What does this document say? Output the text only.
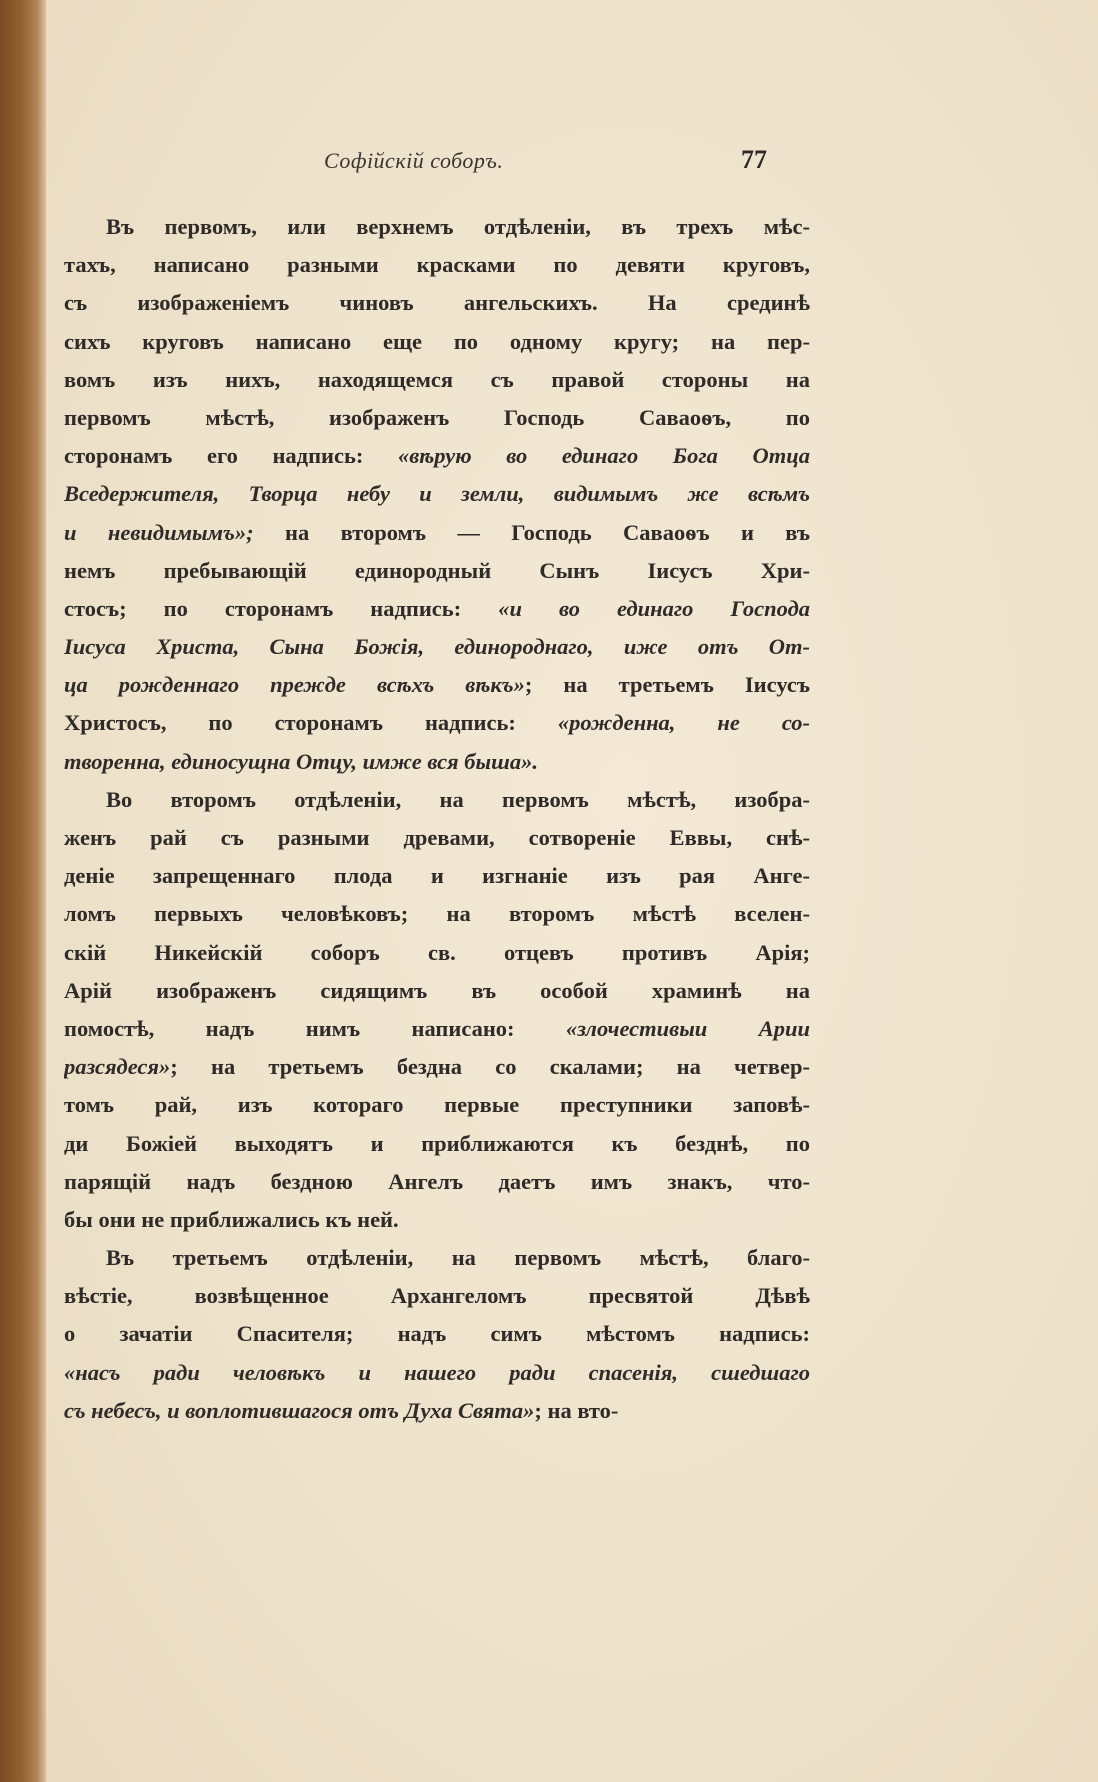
Софійскій соборъ.	77
Въ первомъ, или верхнемъ отдѣленіи, въ трехъ мѣс-
тахъ, написано разными красками по девяти круговъ,
съ изображеніемъ чиновъ ангельскихъ. На срединѣ
сихъ круговъ написано еще по одному кругу; на пер-
вомъ изъ нихъ, находящемся съ правой стороны на
первомъ мѣстѣ, изображенъ Господь Саваоѳъ, по
сторонамъ его надпись: «вѣрую во единаго Бога Отца
Вседержителя, Творца небу и земли, видимымъ же всѣмъ
и невидимымъ»; на второмъ — Господь Саваоѳъ и въ
немъ пребывающій единородный Сынъ Іисусъ Хри-
стосъ; по сторонамъ надпись: «и во единаго Господа
Іисуса Христа, Сына Божія, единороднаго, иже отъ От-
ца рожденнаго прежде всѣхъ вѣкъ»; на третьемъ Іисусъ
Христосъ, по сторонамъ надпись: «рожденна, не со-
творенна, единосущна Отцу, имже вся быша».
Во второмъ отдѣленіи, на первомъ мѣстѣ, изобра-
женъ рай съ разными древами, сотвореніе Еввы, снѣ-
деніе запрещеннаго плода и изгнаніе изъ рая Анге-
ломъ первыхъ человѣковъ; на второмъ мѣстѣ вселен-
скій Никейскій соборъ св. отцевъ противъ Арія;
Арій изображенъ сидящимъ въ особой храминѣ на
помостѣ, надъ нимъ написано: «злочестивыи Арии
разсядеся»; на третьемъ бездна со скалами; на четвер-
томъ рай, изъ котораго первые преступники заповѣ-
ди Божіей выходятъ и приближаются къ безднѣ, по
парящій надъ бездною Ангелъ даетъ имъ знакъ, что-
бы они не приближались къ ней.
Въ третьемъ отдѣленіи, на первомъ мѣстѣ, благо-
вѣстіе, возвѣщенное Архангеломъ пресвятой Дѣвѣ
о зачатіи Спасителя; надъ симъ мѣстомъ надпись:
«насъ ради человѣкъ и нашего ради спасенія, сшедшаго
съ небесъ, и воплотившагося отъ Духа Свята»; на вто-
